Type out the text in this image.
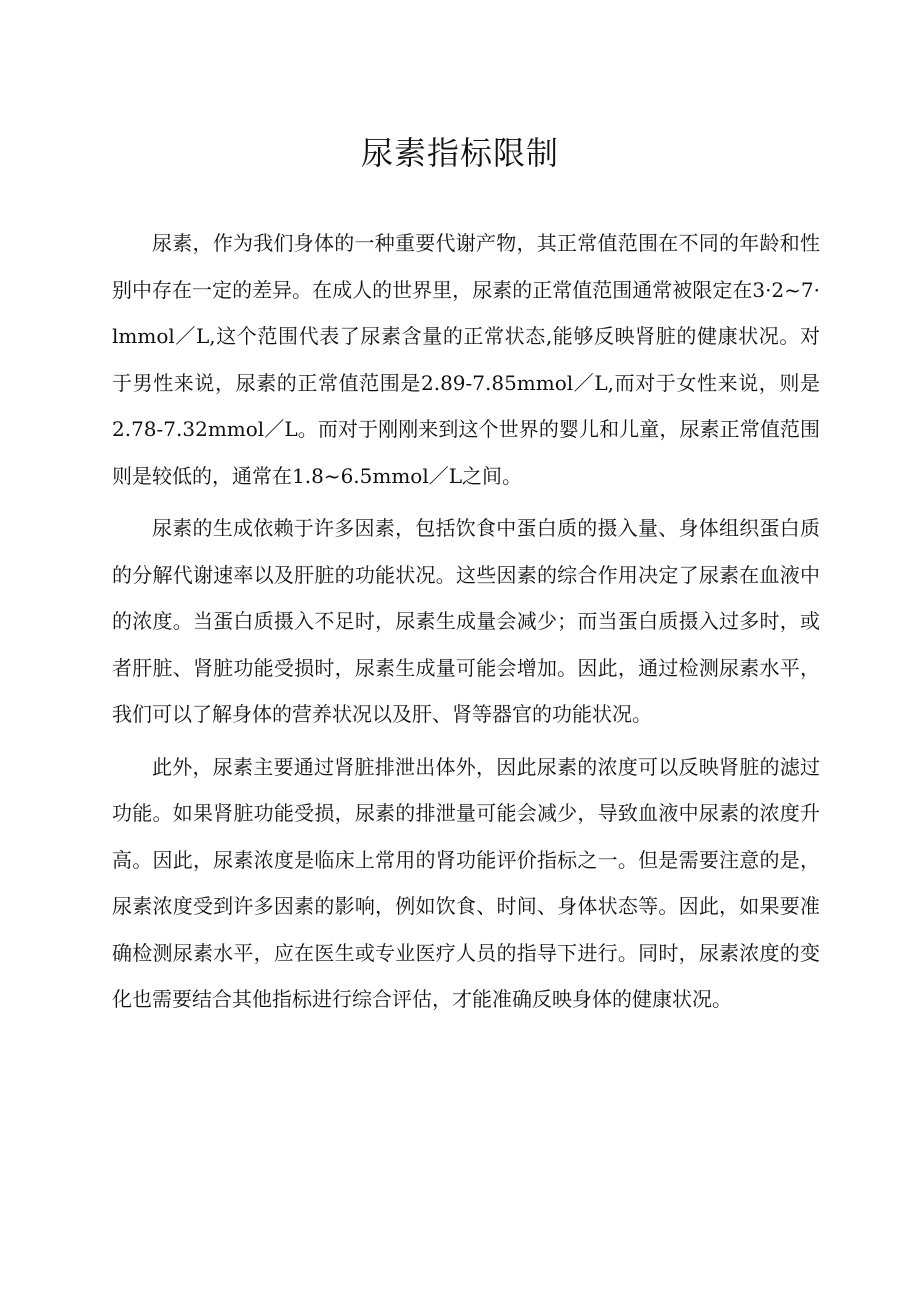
尿素指标限制

尿素，作为我们身体的一种重要代谢产物，其正常值范围在不同的年龄和性别中存在一定的差异。在成人的世界里，尿素的正常值范围通常被限定在3·2~7·lmmol／L,这个范围代表了尿素含量的正常状态,能够反映肾脏的健康状况。对于男性来说，尿素的正常值范围是2.89-7.85mmol／L,而对于女性来说，则是2.78-7.32mmol／L。而对于刚刚来到这个世界的婴儿和儿童，尿素正常值范围则是较低的，通常在1.8~6.5mmol／L之间。

尿素的生成依赖于许多因素，包括饮食中蛋白质的摄入量、身体组织蛋白质的分解代谢速率以及肝脏的功能状况。这些因素的综合作用决定了尿素在血液中的浓度。当蛋白质摄入不足时，尿素生成量会减少；而当蛋白质摄入过多时，或者肝脏、肾脏功能受损时，尿素生成量可能会增加。因此，通过检测尿素水平，我们可以了解身体的营养状况以及肝、肾等器官的功能状况。

此外，尿素主要通过肾脏排泄出体外，因此尿素的浓度可以反映肾脏的滤过功能。如果肾脏功能受损，尿素的排泄量可能会减少，导致血液中尿素的浓度升高。因此，尿素浓度是临床上常用的肾功能评价指标之一。但是需要注意的是，尿素浓度受到许多因素的影响，例如饮食、时间、身体状态等。因此，如果要准确检测尿素水平，应在医生或专业医疗人员的指导下进行。同时，尿素浓度的变化也需要结合其他指标进行综合评估，才能准确反映身体的健康状况。
